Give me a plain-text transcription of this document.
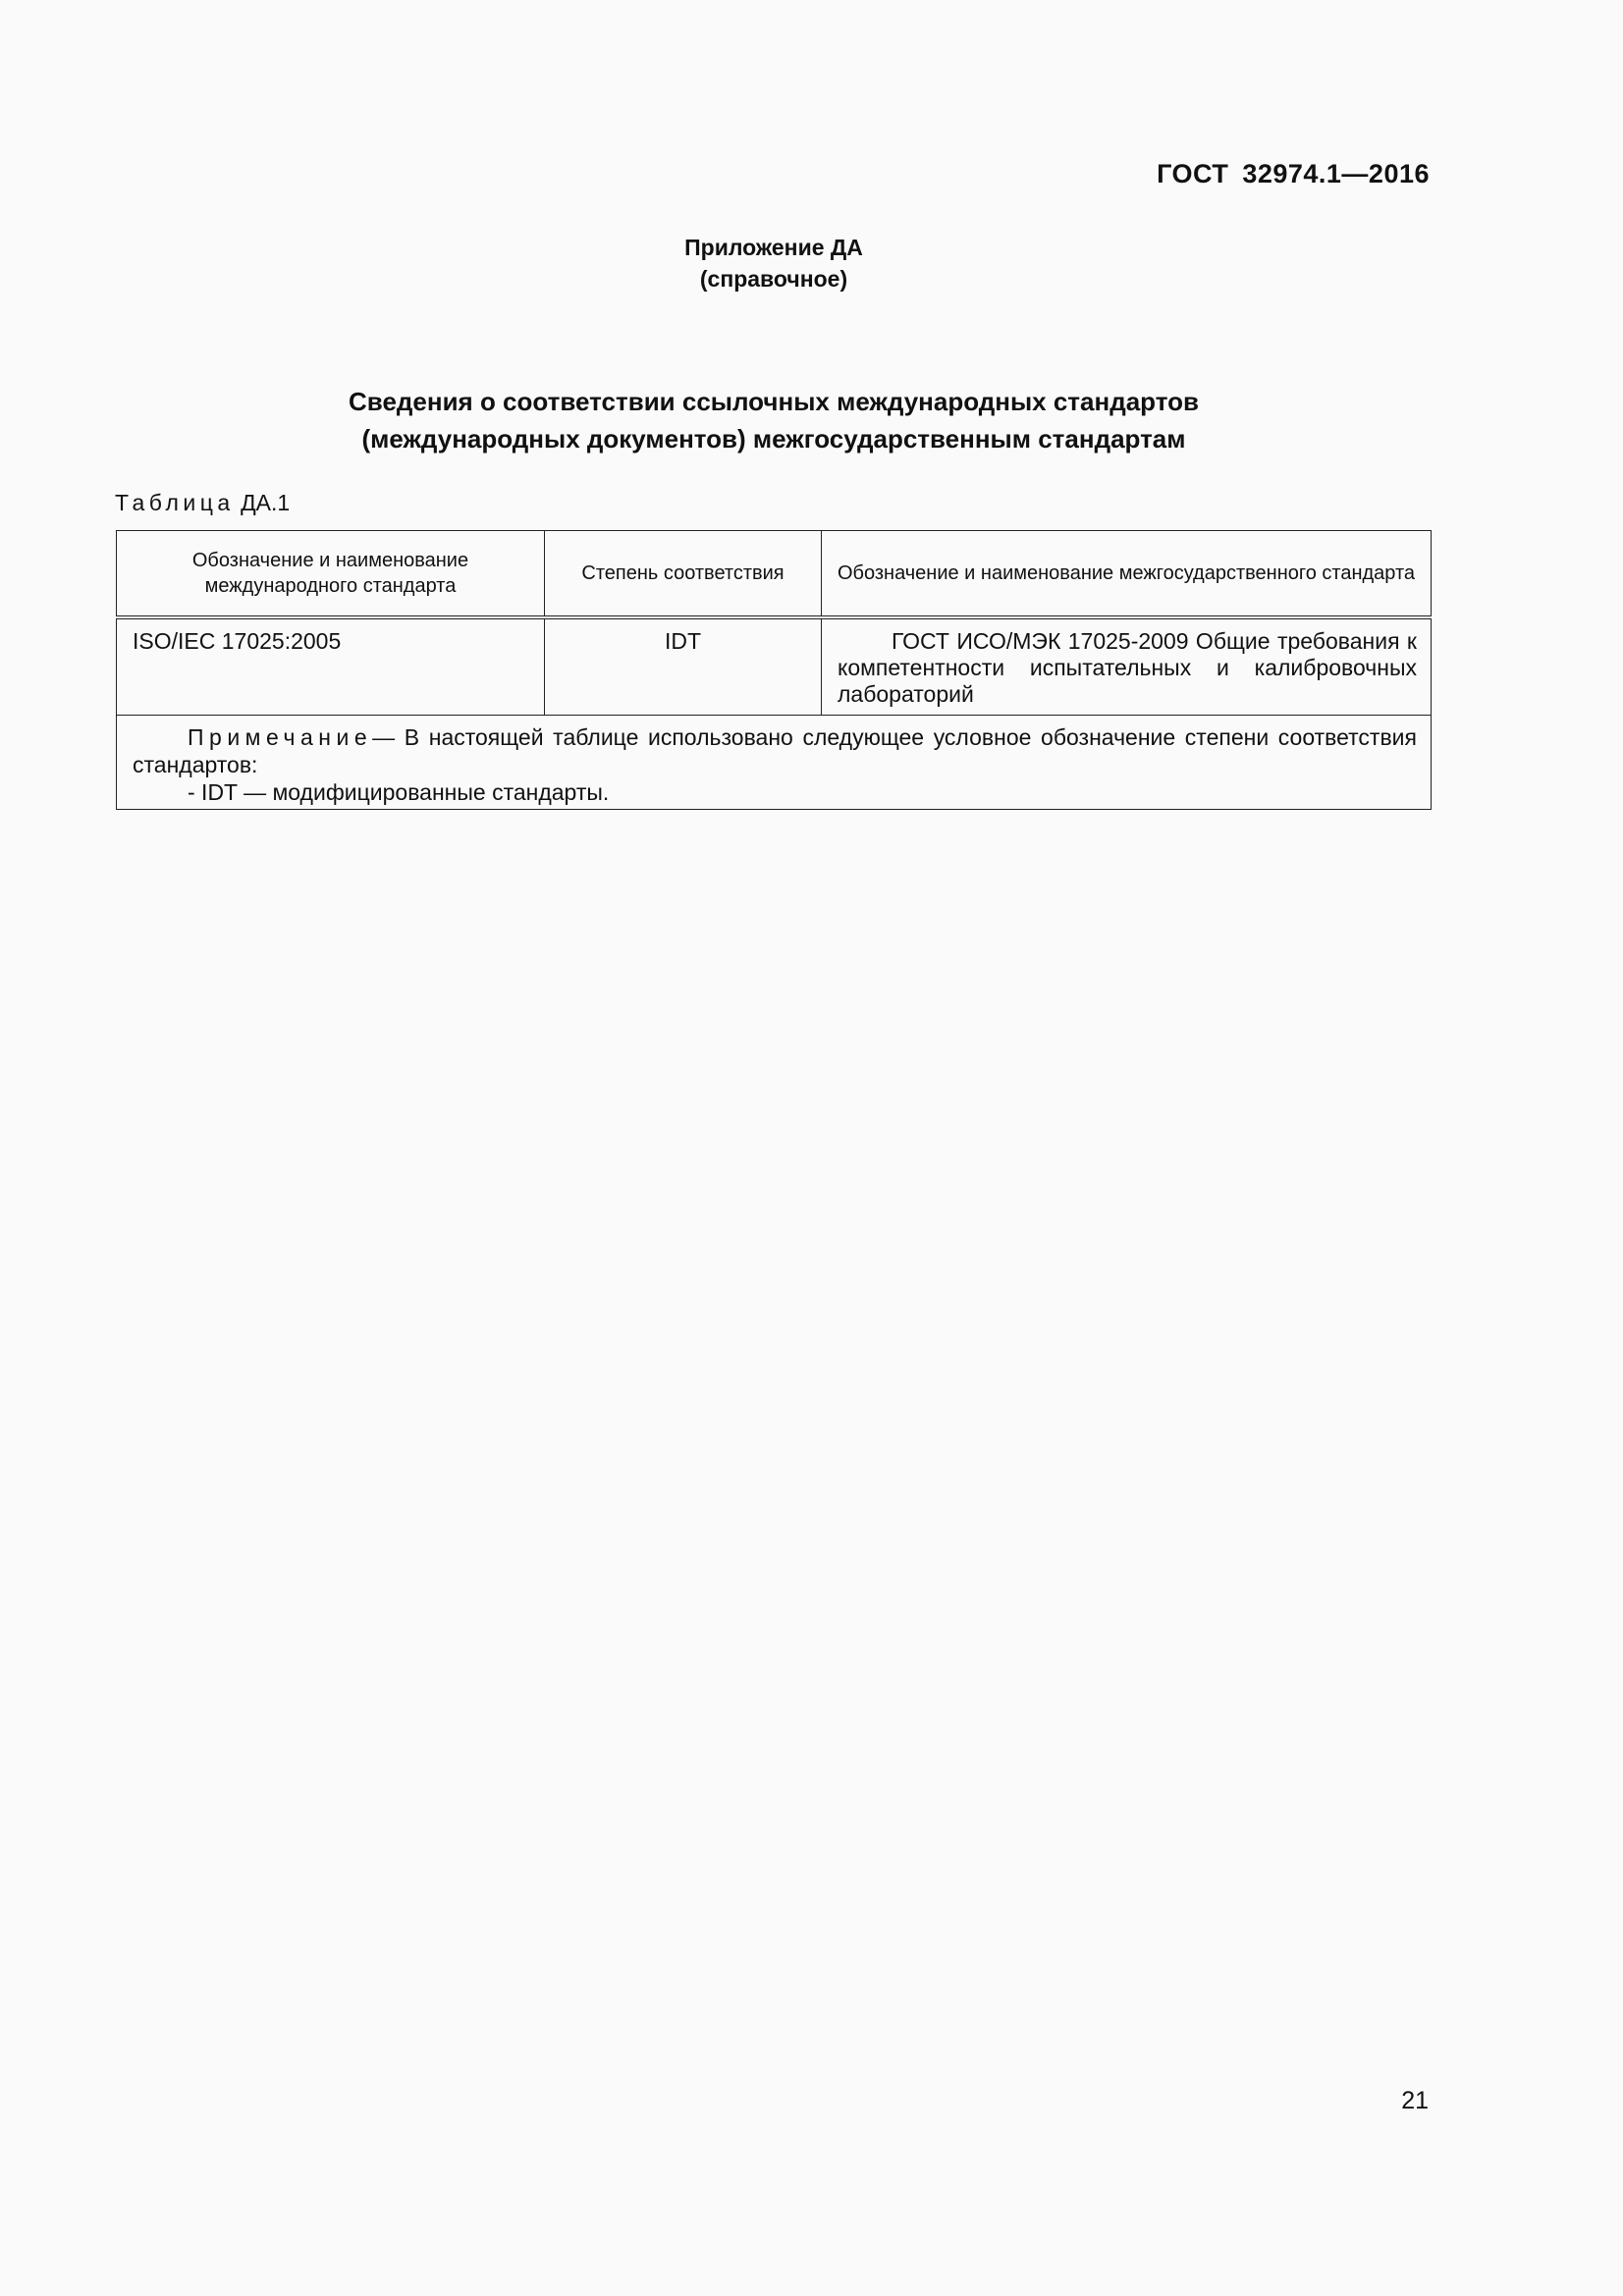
ГОСТ 32974.1—2016
Приложение ДА
(справочное)
Сведения о соответствии ссылочных международных стандартов
(международных документов) межгосударственным стандартам
Таблица ДА.1
Обозначение и наименование международного стандарта	Степень соответствия	Обозначение и наименование межгосударственного стандарта
ISO/IEC 17025:2005	IDT	ГОСТ ИСО/МЭК 17025-2009 Общие требования к компетентности испытательных и калибровочных лабораторий

Примечание— В настоящей таблице использовано следующее условное обозначение степени соответствия стандартов:

- IDT — модифицированные стандарты.		

21
